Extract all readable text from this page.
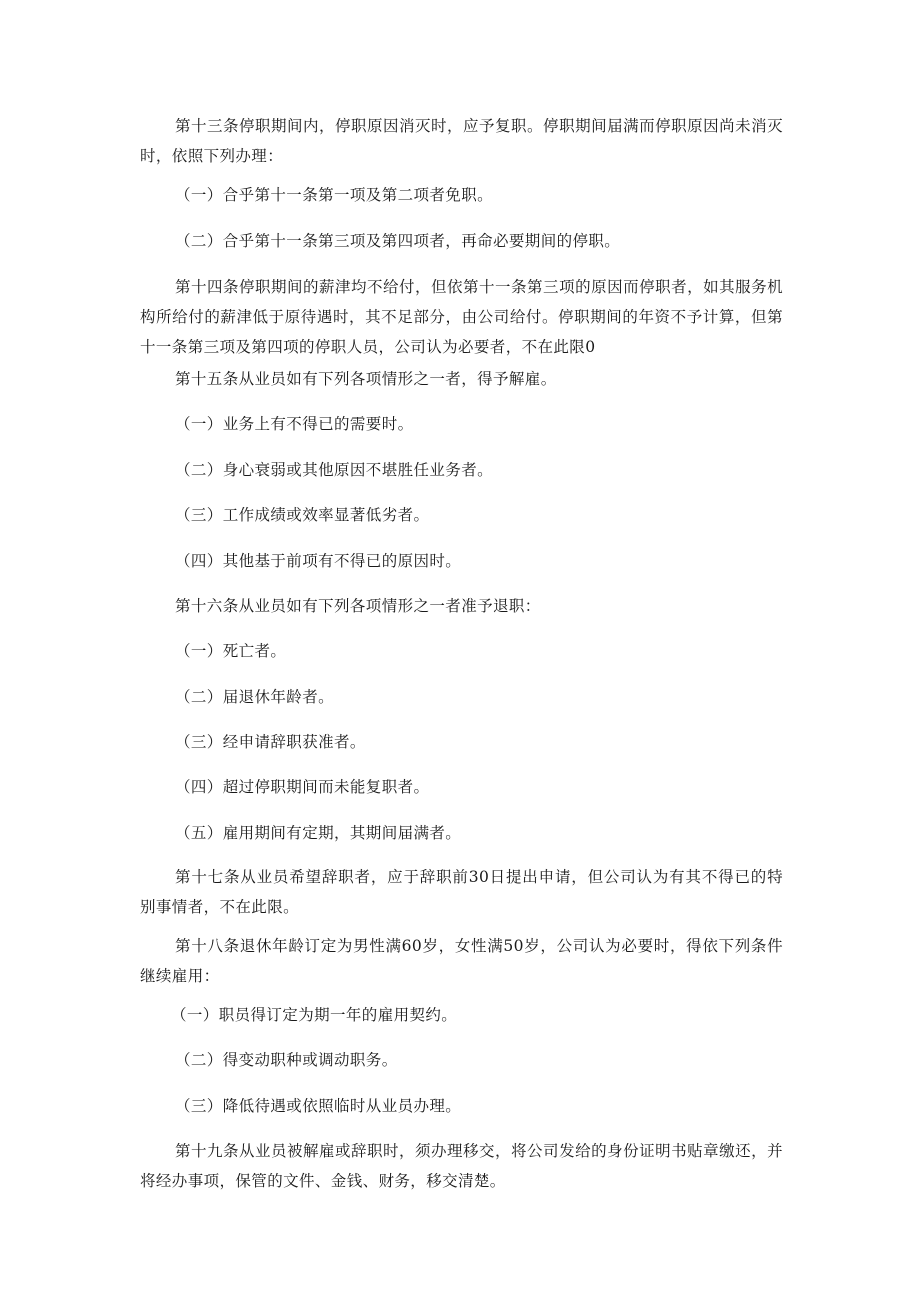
第十三条停职期间内，停职原因消灭时，应予复职。停职期间届满而停职原因尚未消灭时，依照下列办理：

（一）合乎第十一条第一项及第二项者免职。

（二）合乎第十一条第三项及第四项者，再命必要期间的停职。

第十四条停职期间的薪津均不给付，但依第十一条第三项的原因而停职者，如其服务机构所给付的薪津低于原待遇时，其不足部分，由公司给付。停职期间的年资不予计算，但第十一条第三项及第四项的停职人员，公司认为必要者，不在此限0

第十五条从业员如有下列各项情形之一者，得予解雇。

（一）业务上有不得已的需要时。

（二）身心衰弱或其他原因不堪胜任业务者。

（三）工作成绩或效率显著低劣者。

（四）其他基于前项有不得已的原因时。

第十六条从业员如有下列各项情形之一者准予退职：

（一）死亡者。

（二）届退休年龄者。

（三）经申请辞职获准者。

（四）超过停职期间而未能复职者。

（五）雇用期间有定期，其期间届满者。

第十七条从业员希望辞职者，应于辞职前30日提出申请，但公司认为有其不得已的特别事情者，不在此限。

第十八条退休年龄订定为男性满60岁，女性满50岁，公司认为必要时，得依下列条件继续雇用：

（一）职员得订定为期一年的雇用契约。

（二）得变动职种或调动职务。

（三）降低待遇或依照临时从业员办理。

第十九条从业员被解雇或辞职时，须办理移交，将公司发给的身份证明书贴章缴还，并将经办事项，保管的文件、金钱、财务，移交清楚。
